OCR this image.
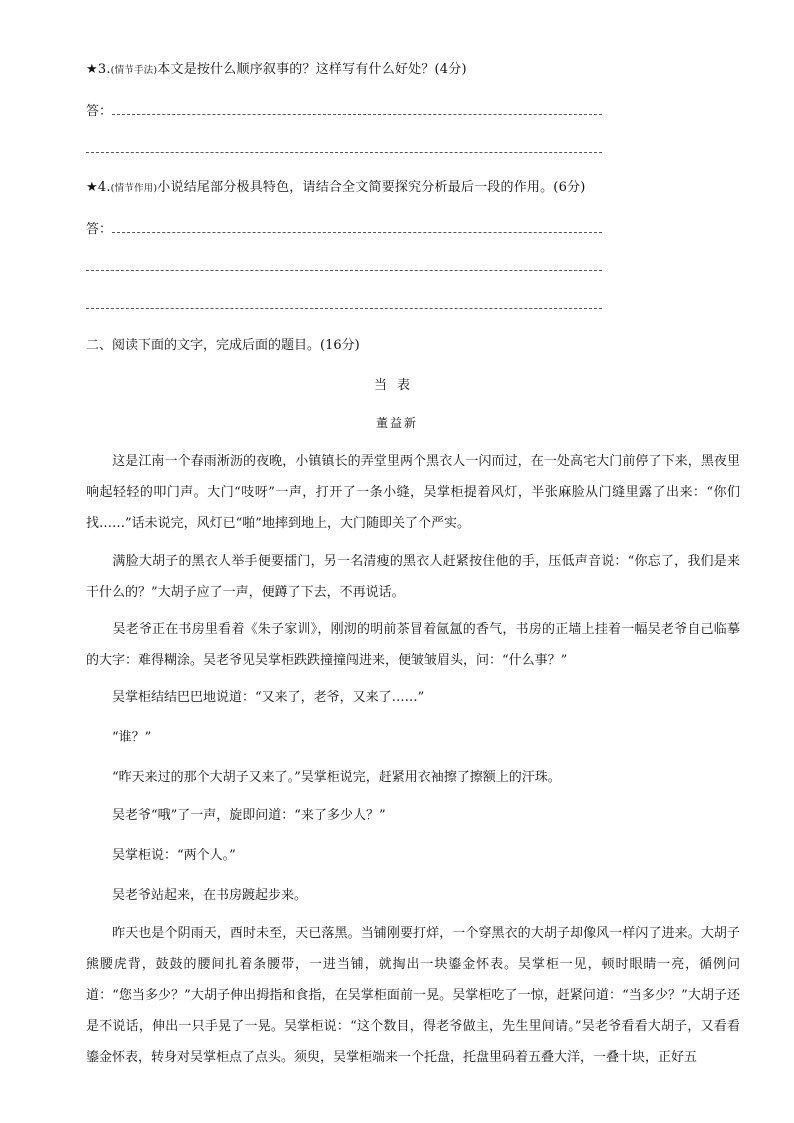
★3.(情节手法)本文是按什么顺序叙事的？这样写有什么好处？(4分)
答：
★4.(情节作用)小说结尾部分极具特色，请结合全文简要探究分析最后一段的作用。(6分)
答：
二、阅读下面的文字，完成后面的题目。(16分)
当表
董益新
　　这是江南一个春雨淅沥的夜晚，小镇镇长的弄堂里两个黑衣人一闪而过，在一处高宅大门前停了下来，黑夜里响起轻轻的叩门声。大门“吱呀”一声，打开了一条小缝，吴掌柜提着风灯，半张麻脸从门缝里露了出来：“你们找……”话未说完，风灯已“啪”地摔到地上，大门随即关了个严实。
　　满脸大胡子的黑衣人举手便要擂门，另一名清瘦的黑衣人赶紧按住他的手，压低声音说：“你忘了，我们是来干什么的？”大胡子应了一声，便蹲了下去，不再说话。
　　吴老爷正在书房里看着《朱子家训》，刚沏的明前茶冒着氤氲的香气，书房的正墙上挂着一幅吴老爷自己临摹的大字：难得糊涂。吴老爷见吴掌柜跌跌撞撞闯进来，便皱皱眉头，问：“什么事？”
　　吴掌柜结结巴巴地说道：“又来了，老爷，又来了……”
　　“谁？”
　　“昨天来过的那个大胡子又来了。”吴掌柜说完，赶紧用衣袖擦了擦额上的汗珠。
　　吴老爷“哦”了一声，旋即问道：“来了多少人？”
　　吴掌柜说：“两个人。”
　　吴老爷站起来，在书房踱起步来。
　　昨天也是个阴雨天，酉时未至，天已落黑。当铺刚要打烊，一个穿黑衣的大胡子却像风一样闪了进来。大胡子熊腰虎背，鼓鼓的腰间扎着条腰带，一进当铺，就掏出一块鎏金怀表。吴掌柜一见，顿时眼睛一亮，循例问道：“您当多少？”大胡子伸出拇指和食指，在吴掌柜面前一晃。吴掌柜吃了一惊，赶紧问道：“当多少？”大胡子还是不说话，伸出一只手晃了一晃。吴掌柜说：“这个数目，得老爷做主，先生里间请。”吴老爷看看大胡子，又看看鎏金怀表，转身对吴掌柜点了点头。须臾，吴掌柜端来一个托盘，托盘里码着五叠大洋，一叠十块，正好五
